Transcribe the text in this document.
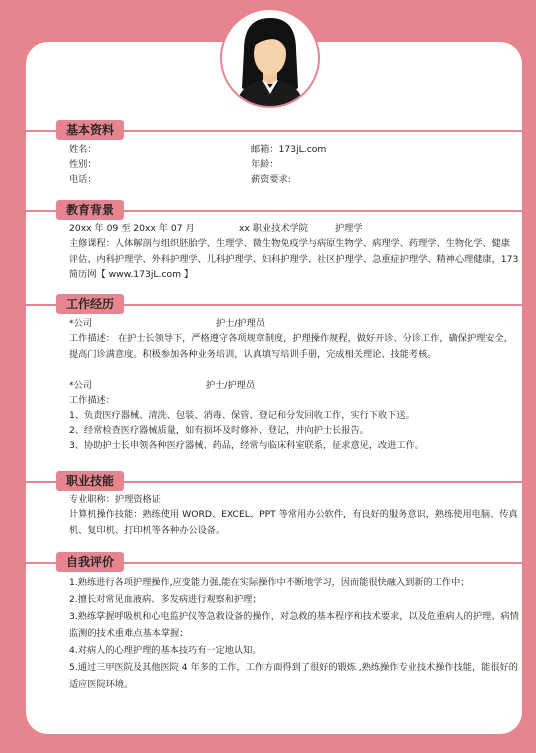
基本资料
姓名：	邮箱：173jL.com
性别：	年龄：
电话：	薪资要求:
教育背景
20xx 年 09 至 20xx 年 07 月	xx 职业技术学院	护理学
主修课程：人体解剖与组织胚胎学、生理学、微生物免疫学与病原生物学、病理学、药理学、生物化学、健康评估、内科护理学、外科护理学、儿科护理学、妇科护理学、社区护理学、急重症护理学、精神心理健康，173 简历网【 www.173jL.com 】
工作经历
*公司	护士/护理员
工作描述： 在护士长领导下，严格遵守各项规章制度，护理操作规程，做好开诊、分诊工作，确保护理安全，提高门诊满意度。积极参加各种业务培训，认真填写培训手册，完成相关理论、技能考核。
*公司	护士/护理员
工作描述：
1、负责医疗器械、清洗、包装、消毒、保管、登记和分发回收工作，实行下收下送。
2、经常检查医疗器械质量，如有损坏及时修补、登记，并向护士长报告。
3、协助护士长申领各种医疗器械、药品，经常与临床科室联系，征求意见，改进工作。
职业技能
专业职称：护理资格证
计算机操作技能：熟练使用 WORD、EXCEL、PPT 等常用办公软件，有良好的服务意识，熟练使用电脑、传真机、复印机、打印机等各种办公设备。
自我评价
1.熟练进行各项护理操作,应变能力强,能在实际操作中不断地学习，因而能很快融入到新的工作中；
2.擅长对常见血液病、多发病进行观察和护理；
3.熟练掌握呼吸机和心电监护仪等急救设备的操作，对急救的基本程序和技术要求，以及危重病人的护理、病情监测的技术重难点基本掌握；
4.对病人的心理护理的基本技巧有一定地认知。
5.通过三甲医院及其他医院 4 年多的工作，工作方面得到了很好的锻炼 ,熟练操作专业技术操作技能，能很好的适应医院环境。
